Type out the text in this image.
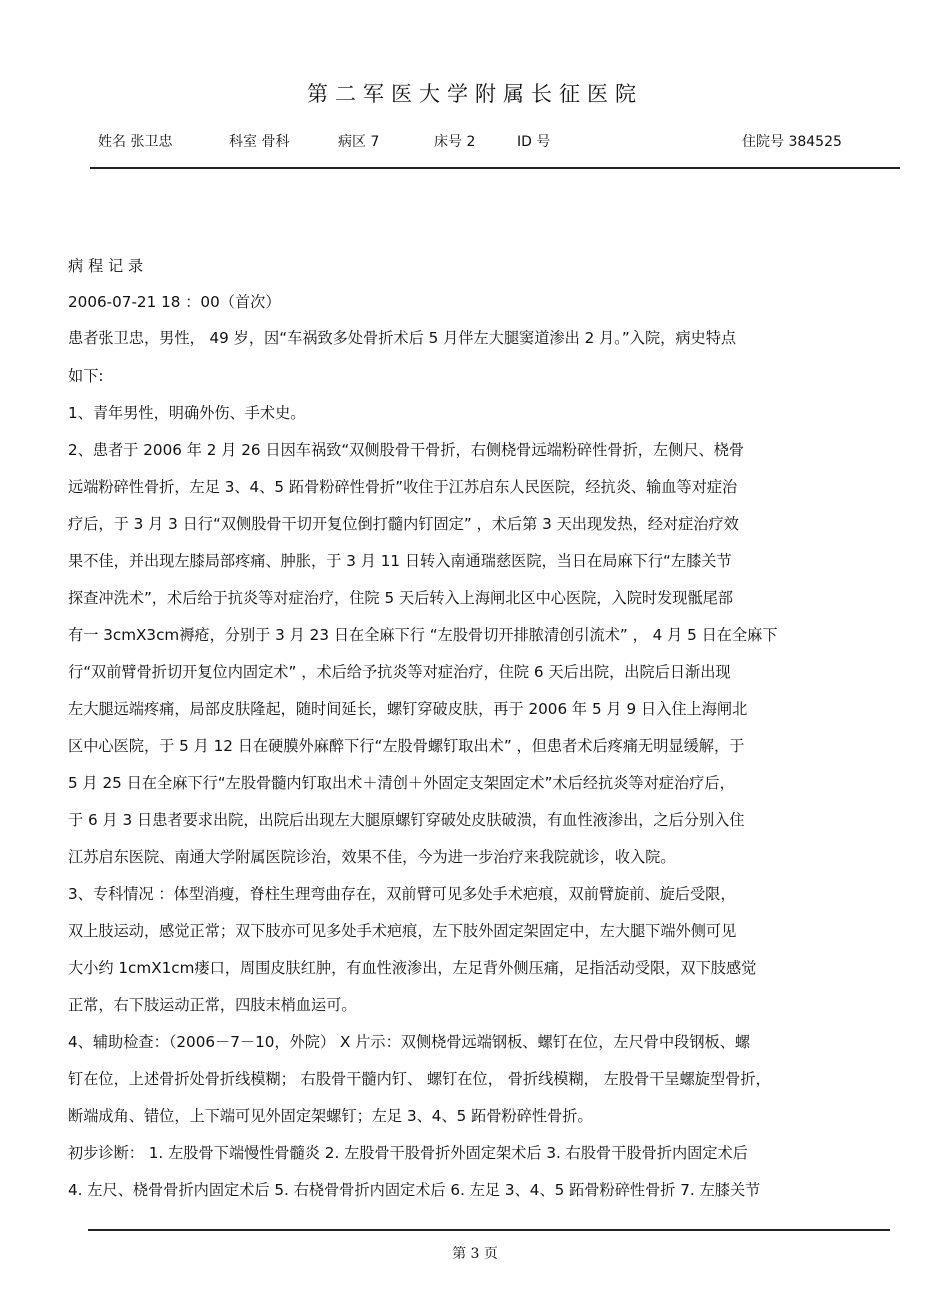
第二军医大学附属长征医院
姓名 张卫忠	科室 骨科	病区 7	床号 2	ID 号	住院号 384525
病 程 记 录
2006-07-21 18 ：00（首次）
患者张卫忠，男性， 49 岁，因“车祸致多处骨折术后 5 月伴左大腿窦道渗出 2 月。”入院，病史特点
如下:
1、青年男性，明确外伤、手术史。
2、患者于 2006 年 2 月 26 日因车祸致“双侧股骨干骨折，右侧桡骨远端粉碎性骨折，左侧尺、桡骨
远端粉碎性骨折，左足 3、4、5 跖骨粉碎性骨折”收住于江苏启东人民医院，经抗炎、输血等对症治
疗后，于 3 月 3 日行“双侧股骨干切开复位倒打髓内钉固定” ，术后第 3 天出现发热，经对症治疗效
果不佳，并出现左膝局部疼痛、肿胀，于 3 月 11 日转入南通瑞慈医院，当日在局麻下行“左膝关节
探查冲洗术”，术后给于抗炎等对症治疗，住院 5 天后转入上海闸北区中心医院，入院时发现骶尾部
有一 3cmX3cm褥疮，分别于 3 月 23 日在全麻下行 “左股骨切开排脓清创引流术” ， 4 月 5 日在全麻下
行“双前臂骨折切开复位内固定术” ，术后给予抗炎等对症治疗，住院 6 天后出院，出院后日渐出现
左大腿远端疼痛，局部皮肤隆起，随时间延长，螺钉穿破皮肤，再于 2006 年 5 月 9 日入住上海闸北
区中心医院，于 5 月 12 日在硬膜外麻醉下行“左股骨螺钉取出术” ，但患者术后疼痛无明显缓解，于
5 月 25 日在全麻下行“左股骨髓内钉取出术＋清创＋外固定支架固定术”术后经抗炎等对症治疗后，
于 6 月 3 日患者要求出院，出院后出现左大腿原螺钉穿破处皮肤破溃，有血性液渗出，之后分别入住
江苏启东医院、南通大学附属医院诊治，效果不佳，今为进一步治疗来我院就诊，收入院。
3、专科情况 ：体型消瘦，脊柱生理弯曲存在，双前臂可见多处手术疤痕，双前臂旋前、旋后受限，
双上肢运动，感觉正常；双下肢亦可见多处手术疤痕，左下肢外固定架固定中，左大腿下端外侧可见
大小约 1cmX1cm瘘口，周围皮肤红肿，有血性液渗出，左足背外侧压痛，足指活动受限，双下肢感觉
正常，右下肢运动正常，四肢末梢血运可。
4、辅助检查：（2006－7－10，外院） X 片示：双侧桡骨远端钢板、螺钉在位，左尺骨中段钢板、螺
钉在位，上述骨折处骨折线模糊； 右股骨干髓内钉、 螺钉在位， 骨折线模糊， 左股骨干呈螺旋型骨折，
断端成角、错位，上下端可见外固定架螺钉；左足 3、4、5 跖骨粉碎性骨折。
初步诊断： 1. 左股骨下端慢性骨髓炎 2. 左股骨干股骨折外固定架术后 3. 右股骨干股骨折内固定术后
4. 左尺、桡骨骨折内固定术后 5. 右桡骨骨折内固定术后 6. 左足 3、4、5 跖骨粉碎性骨折 7. 左膝关节
第 3 页
